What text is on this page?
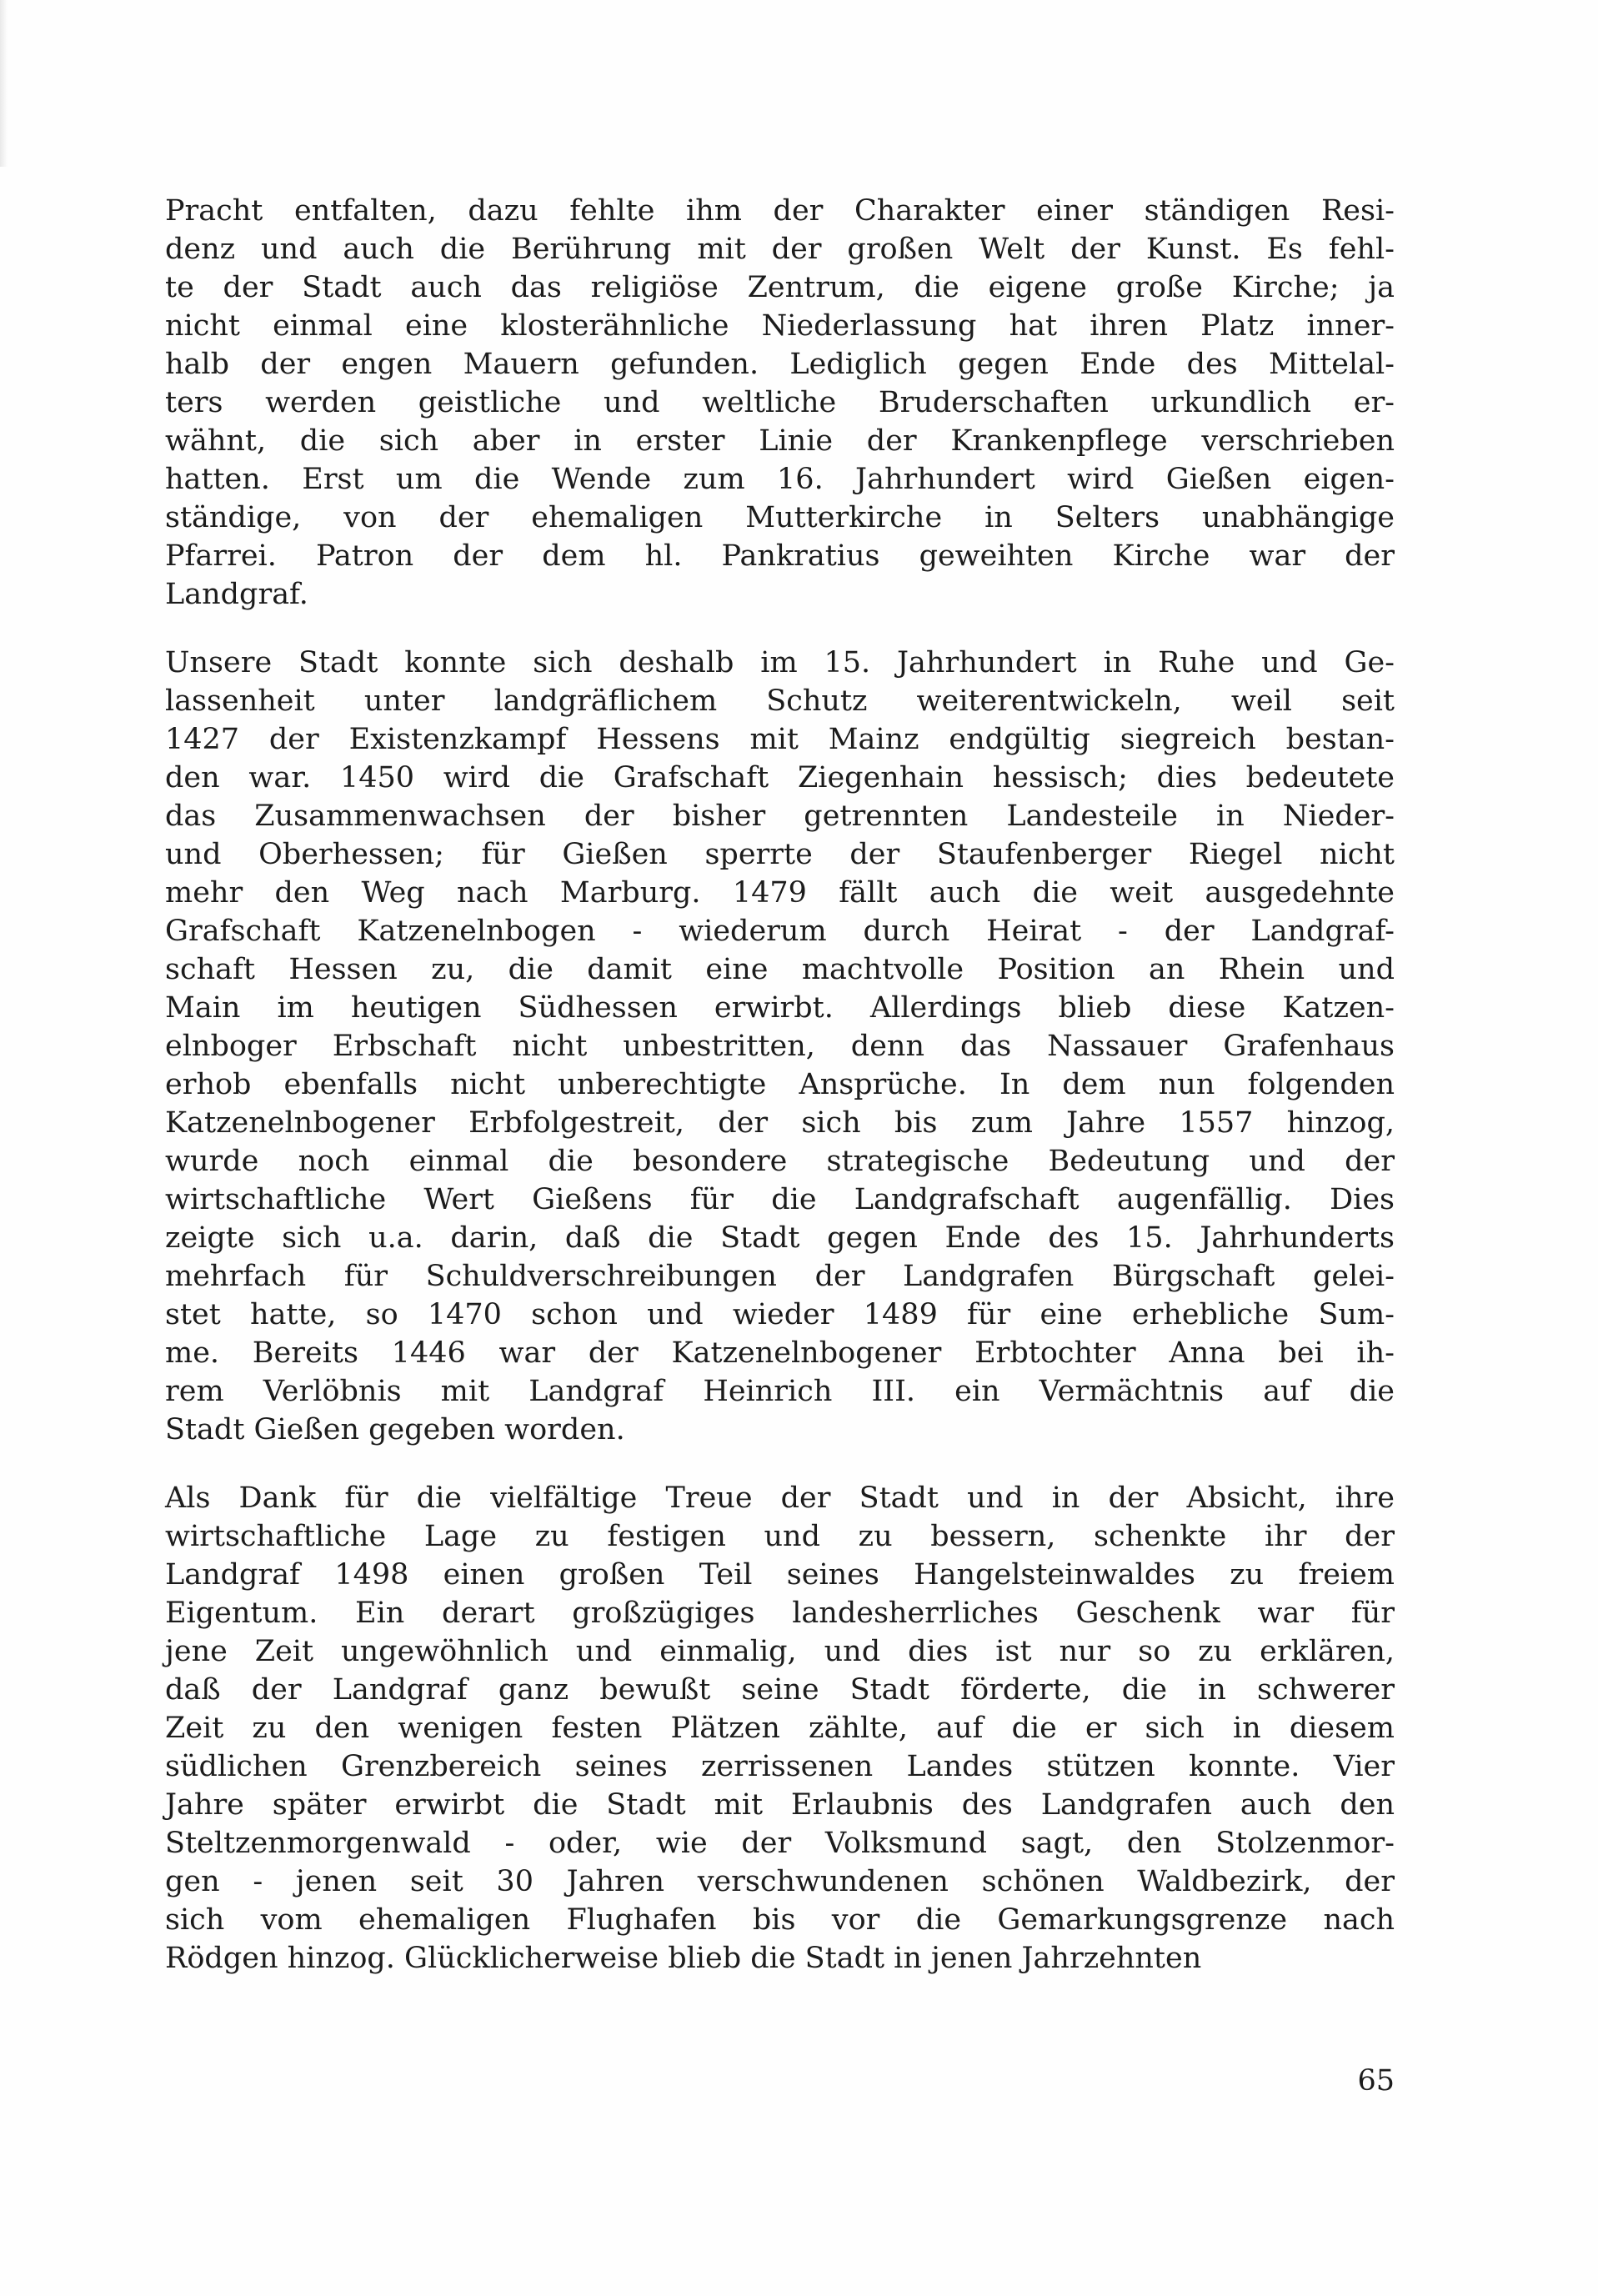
Pracht entfalten, dazu fehlte ihm der Charakter einer ständigen Resi-
denz und auch die Berührung mit der großen Welt der Kunst. Es fehl-
te der Stadt auch das religiöse Zentrum, die eigene große Kirche; ja
nicht einmal eine klosterähnliche Niederlassung hat ihren Platz inner-
halb der engen Mauern gefunden. Lediglich gegen Ende des Mittelal-
ters werden geistliche und weltliche Bruderschaften urkundlich er-
wähnt, die sich aber in erster Linie der Krankenpflege verschrieben
hatten. Erst um die Wende zum 16. Jahrhundert wird Gießen eigen-
ständige, von der ehemaligen Mutterkirche in Selters unabhängige
Pfarrei. Patron der dem hl. Pankratius geweihten Kirche war der
Landgraf.
Unsere Stadt konnte sich deshalb im 15. Jahrhundert in Ruhe und Ge-
lassenheit unter landgräflichem Schutz weiterentwickeln, weil seit
1427 der Existenzkampf Hessens mit Mainz endgültig siegreich bestan-
den war. 1450 wird die Grafschaft Ziegenhain hessisch; dies bedeutete
das Zusammenwachsen der bisher getrennten Landesteile in Nieder-
und Oberhessen; für Gießen sperrte der Staufenberger Riegel nicht
mehr den Weg nach Marburg. 1479 fällt auch die weit ausgedehnte
Grafschaft Katzenelnbogen - wiederum durch Heirat - der Landgraf-
schaft Hessen zu, die damit eine machtvolle Position an Rhein und
Main im heutigen Südhessen erwirbt. Allerdings blieb diese Katzen-
elnboger Erbschaft nicht unbestritten, denn das Nassauer Grafenhaus
erhob ebenfalls nicht unberechtigte Ansprüche. In dem nun folgenden
Katzenelnbogener Erbfolgestreit, der sich bis zum Jahre 1557 hinzog,
wurde noch einmal die besondere strategische Bedeutung und der
wirtschaftliche Wert Gießens für die Landgrafschaft augenfällig. Dies
zeigte sich u.a. darin, daß die Stadt gegen Ende des 15. Jahrhunderts
mehrfach für Schuldverschreibungen der Landgrafen Bürgschaft gelei-
stet hatte, so 1470 schon und wieder 1489 für eine erhebliche Sum-
me. Bereits 1446 war der Katzenelnbogener Erbtochter Anna bei ih-
rem Verlöbnis mit Landgraf Heinrich III. ein Vermächtnis auf die
Stadt Gießen gegeben worden.
Als Dank für die vielfältige Treue der Stadt und in der Absicht, ihre
wirtschaftliche Lage zu festigen und zu bessern, schenkte ihr der
Landgraf 1498 einen großen Teil seines Hangelsteinwaldes zu freiem
Eigentum. Ein derart großzügiges landesherrliches Geschenk war für
jene Zeit ungewöhnlich und einmalig, und dies ist nur so zu erklären,
daß der Landgraf ganz bewußt seine Stadt förderte, die in schwerer
Zeit zu den wenigen festen Plätzen zählte, auf die er sich in diesem
südlichen Grenzbereich seines zerrissenen Landes stützen konnte. Vier
Jahre später erwirbt die Stadt mit Erlaubnis des Landgrafen auch den
Steltzenmorgenwald - oder, wie der Volksmund sagt, den Stolzenmor-
gen - jenen seit 30 Jahren verschwundenen schönen Waldbezirk, der
sich vom ehemaligen Flughafen bis vor die Gemarkungsgrenze nach
Rödgen hinzog. Glücklicherweise blieb die Stadt in jenen Jahrzehnten
65
